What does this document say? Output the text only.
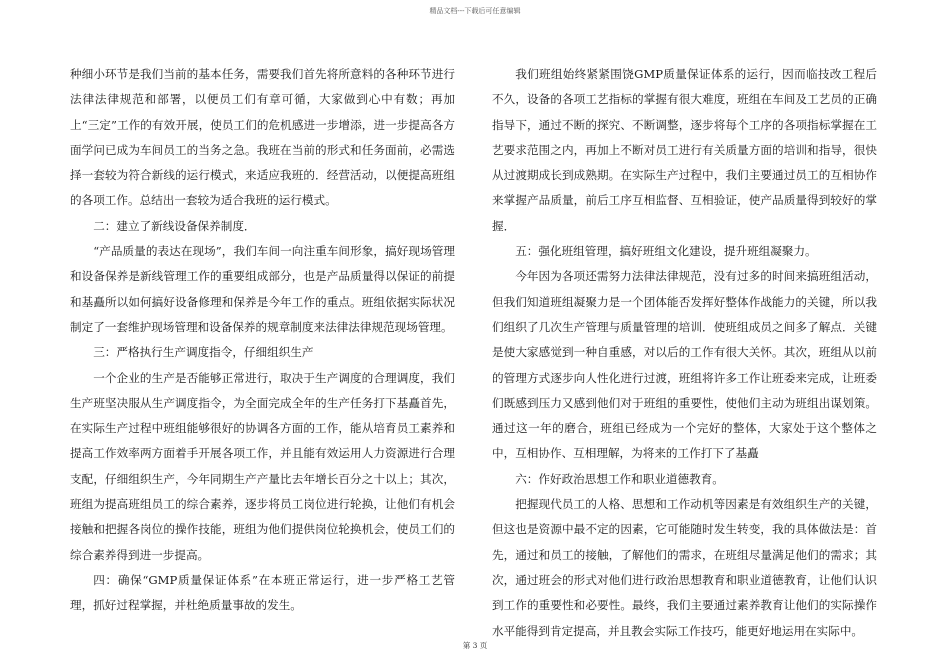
精品文档---下载后可任意编辑

种细小环节是我们当前的基本任务，需要我们首先将所意料的各种环节进行法律法律规范和部署，以便员工们有章可循，大家做到心中有数；再加上“三定”工作的有效开展，使员工们的危机感进一步增添，进一步提高各方面学问已成为车间员工的当务之急。我班在当前的形式和任务面前，必需选择一套较为符合新线的运行模式，来适应我班的．经营活动，以便提高班组的各项工作。总结出一套较为适合我班的运行模式。

二：建立了新线设备保养制度．

“产品质量的表达在现场”，我们车间一向注重车间形象，搞好现场管理和设备保养是新线管理工作的重要组成部分，也是产品质量得以保证的前提和基矗所以如何搞好设备修理和保养是今年工作的重点。班组依据实际状况制定了一套维护现场管理和设备保养的规章制度来法律法律规范现场管理。

三：严格执行生产调度指令，仔细组织生产

一个企业的生产是否能够正常进行，取决于生产调度的合理调度，我们生产班坚决服从生产调度指令，为全面完成全年的生产任务打下基矗首先，在实际生产过程中班组能够很好的协调各方面的工作，能从培育员工素养和提高工作效率两方面着手开展各项工作，并且能有效运用人力资源进行合理支配，仔细组织生产，今年同期生产产量比去年增长百分之十以上；其次，班组为提高班组员工的综合素养，逐步将员工岗位进行轮换，让他们有机会接触和把握各岗位的操作技能，班组为他们提供岗位轮换机会，使员工们的综合素养得到进一步提高。

四：确保“GMP质量保证体系”在本班正常运行，进一步严格工艺管理，抓好过程掌握，并杜绝质量事故的发生。

我们班组始终紧紧围饶GMP质量保证体系的运行，因而临技改工程后不久，设备的各项工艺指标的掌握有很大难度，班组在车间及工艺员的正确指导下，通过不断的探究、不断调整，逐步将每个工序的各项指标掌握在工艺要求范围之内，再加上不断对员工进行有关质量方面的培训和指导，很快从过渡期成长到成熟期。在实际生产过程中，我们主要通过员工的互相协作来掌握产品质量，前后工序互相监督、互相验证，使产品质量得到较好的掌握．

五：强化班组管理，搞好班组文化建设，提升班组凝聚力。

今年因为各项还需努力法律法律规范，没有过多的时间来搞班组活动，但我们知道班组凝聚力是一个团体能否发挥好整体作战能力的关键，所以我们组织了几次生产管理与质量管理的培训．使班组成员之间多了解点．关键是使大家感觉到一种自重感，对以后的工作有很大关怀。其次，班组从以前的管理方式逐步向人性化进行过渡，班组将许多工作让班委来完成，让班委们既感到压力又感到他们对于班组的重要性，使他们主动为班组出谋划策。通过这一年的磨合，班组已经成为一个完好的整体，大家处于这个整体之中，互相协作、互相理解，为将来的工作打下了基矗

六：作好政治思想工作和职业道德教育。

把握现代员工的人格、思想和工作动机等因素是有效组织生产的关键，但这也是资源中最不定的因素，它可能随时发生转变，我的具体做法是：首先，通过和员工的接触，了解他们的需求，在班组尽量满足他们的需求；其次，通过班会的形式对他们进行政治思想教育和职业道德教育，让他们认识到工作的重要性和必要性。最终，我们主要通过素养教育让他们的实际操作水平能得到肯定提高，并且教会实际工作技巧，能更好地运用在实际中。

第 3 页
